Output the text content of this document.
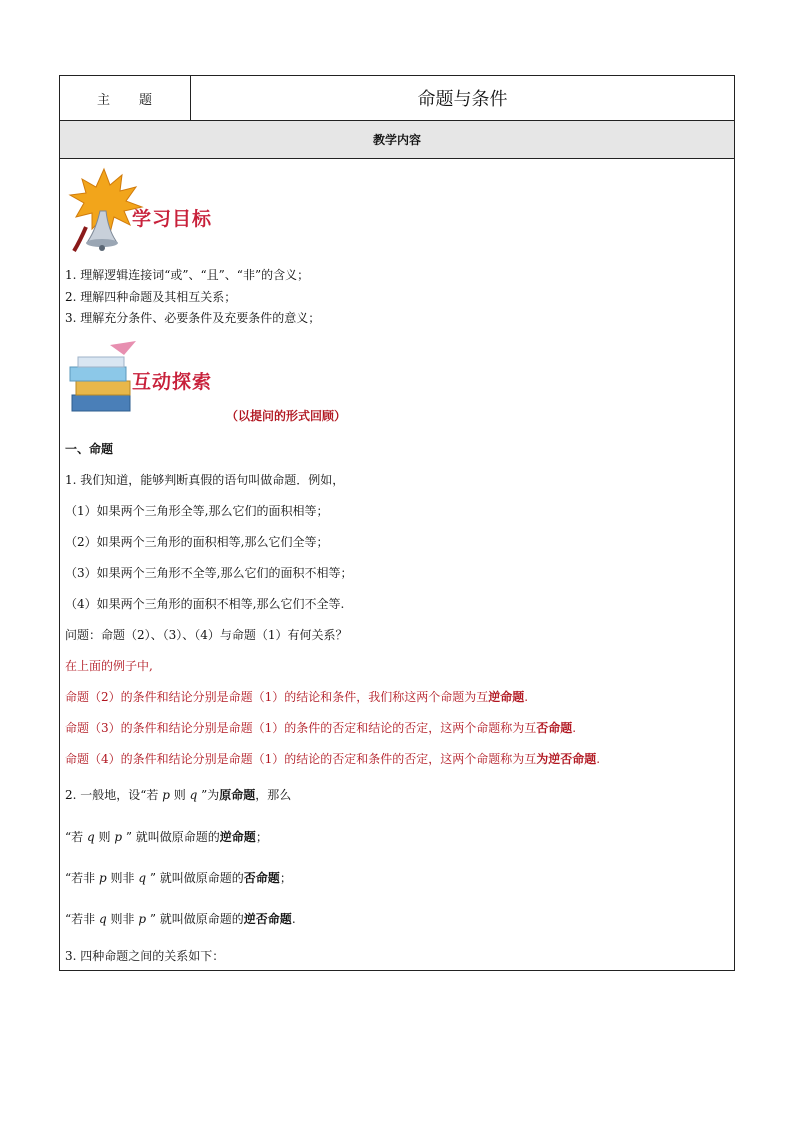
主 题	命题与条件
教学内容
学习目标
1. 理解逻辑连接词“或”、“且”、“非”的含义；
2. 理解四种命题及其相互关系；
3. 理解充分条件、必要条件及充要条件的意义；
互动探索
（以提问的形式回顾）
一、命题
1. 我们知道，能够判断真假的语句叫做命题．例如，
（1）如果两个三角形全等,那么它们的面积相等；
（2）如果两个三角形的面积相等,那么它们全等；
（3）如果两个三角形不全等,那么它们的面积不相等；
（4）如果两个三角形的面积不相等,那么它们不全等.
问题：命题（2）、（3）、（4）与命题（1）有何关系？
在上面的例子中,
命题（2）的条件和结论分别是命题（1）的结论和条件，我们称这两个命题为互逆命题.
命题（3）的条件和结论分别是命题（1）的条件的否定和结论的否定，这两个命题称为互否命题.
命题（4）的条件和结论分别是命题（1）的结论的否定和条件的否定，这两个命题称为互为逆否命题.
2. 一般地，设“若 p 则 q ”为原命题，那么
“若 q 则 p ” 就叫做原命题的逆命题；
“若非 p 则非 q ” 就叫做原命题的否命题；
“若非 q 则非 p ” 就叫做原命题的逆否命题.
3. 四种命题之间的关系如下：
